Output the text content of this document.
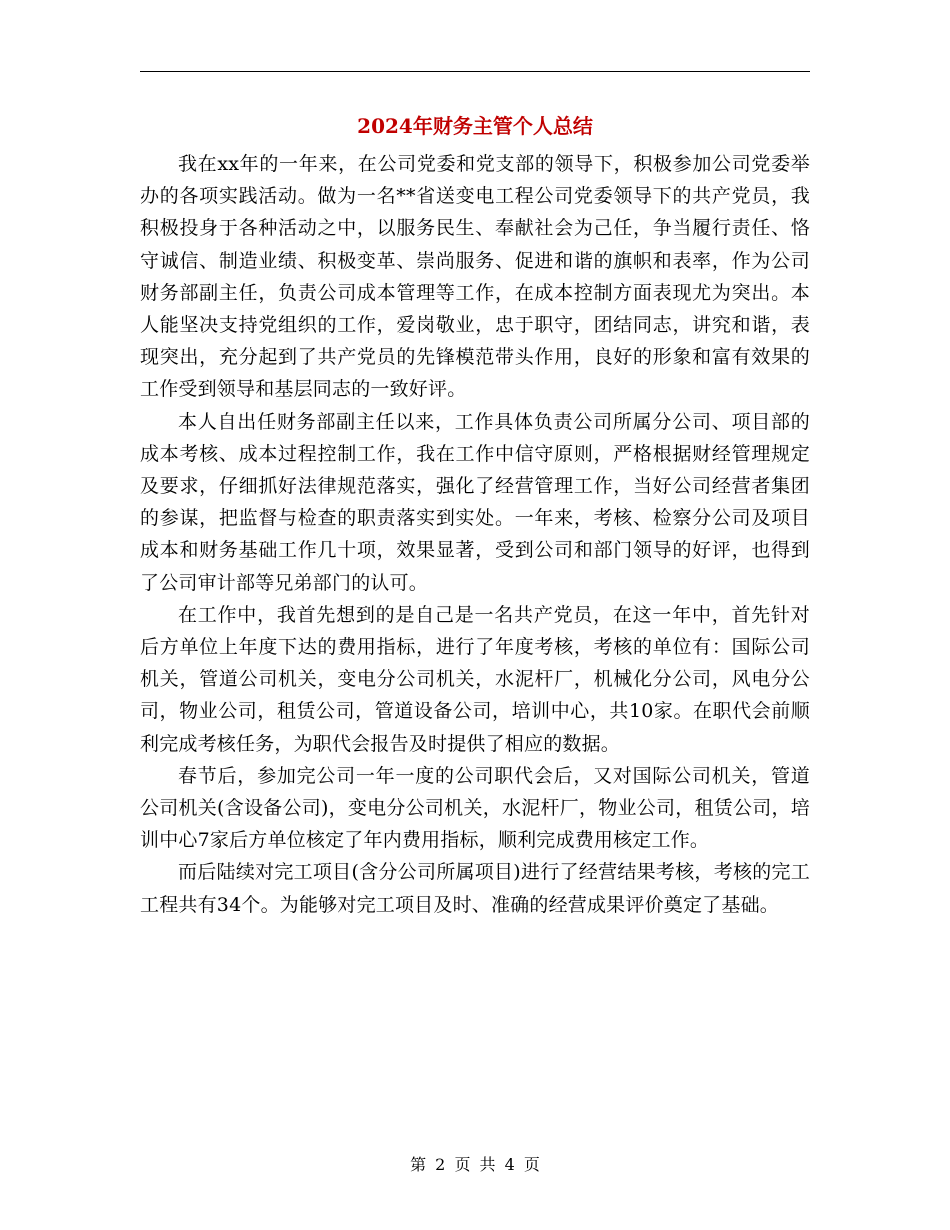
2024年财务主管个人总结

我在xx年的一年来，在公司党委和党支部的领导下，积极参加公司党委举办的各项实践活动。做为一名**省送变电工程公司党委领导下的共产党员，我积极投身于各种活动之中，以服务民生、奉献社会为己任，争当履行责任、恪守诚信、制造业绩、积极变革、崇尚服务、促进和谐的旗帜和表率，作为公司财务部副主任，负责公司成本管理等工作，在成本控制方面表现尤为突出。本人能坚决支持党组织的工作，爱岗敬业，忠于职守，团结同志，讲究和谐，表现突出，充分起到了共产党员的先锋模范带头作用，良好的形象和富有效果的工作受到领导和基层同志的一致好评。

本人自出任财务部副主任以来，工作具体负责公司所属分公司、项目部的成本考核、成本过程控制工作，我在工作中信守原则，严格根据财经管理规定及要求，仔细抓好法律规范落实，强化了经营管理工作，当好公司经营者集团的参谋，把监督与检查的职责落实到实处。一年来，考核、检察分公司及项目成本和财务基础工作几十项，效果显著，受到公司和部门领导的好评，也得到了公司审计部等兄弟部门的认可。

在工作中，我首先想到的是自己是一名共产党员，在这一年中，首先针对后方单位上年度下达的费用指标，进行了年度考核，考核的单位有：国际公司机关，管道公司机关，变电分公司机关，水泥杆厂，机械化分公司，风电分公司，物业公司，租赁公司，管道设备公司，培训中心，共10家。在职代会前顺利完成考核任务，为职代会报告及时提供了相应的数据。

春节后，参加完公司一年一度的公司职代会后，又对国际公司机关，管道公司机关(含设备公司)，变电分公司机关，水泥杆厂，物业公司，租赁公司，培训中心7家后方单位核定了年内费用指标，顺利完成费用核定工作。

而后陆续对完工项目(含分公司所属项目)进行了经营结果考核，考核的完工工程共有34个。为能够对完工项目及时、准确的经营成果评价奠定了基础。

第 2 页 共 4 页
